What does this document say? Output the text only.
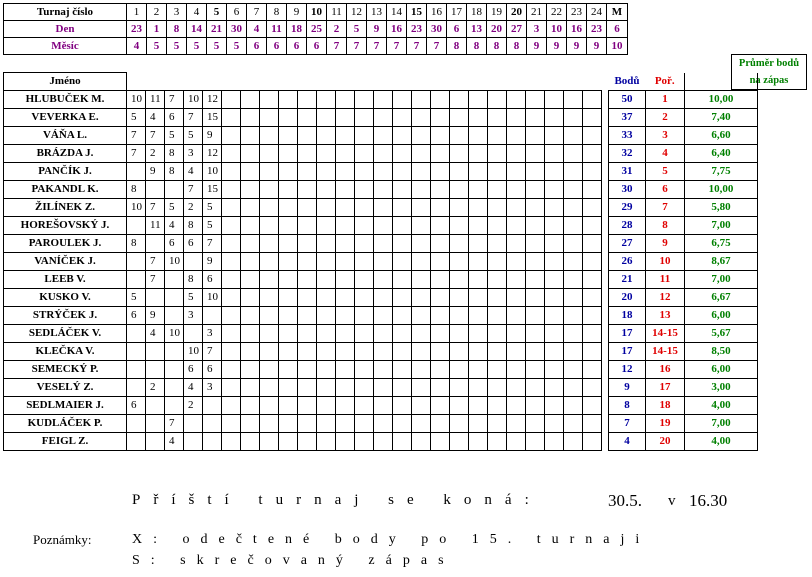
Turnaj číslo	1	2	3	4	5	6	7	8	9	10	11	12	13	14	15	16	17	18	19	20	21	22	23	24	M
Den	23	1	8	14	21	30	4	11	18	25	2	5	9	16	23	30	6	13	20	27	3	10	16	23	6
Měsíc	4	5	5	5	5	5	6	6	6	6	7	7	7	7	7	7	8	8	8	8	9	9	9	9	10
Průměr bodů
na zápas
Jméno																											Bodů	Poř.	
HLUBUČEK M.	10	11	7	10	12																						50	1	10,00
VEVERKA E.	5	4	6	7	15																						37	2	7,40
VÁŇA L.	7	7	5	5	9																						33	3	6,60
BRÁZDA J.	7	2	8	3	12																						32	4	6,40
PANČÍK J.		9	8	4	10																						31	5	7,75
PAKANDL K.	8			7	15																						30	6	10,00
ŽILÍNEK Z.	10	7	5	2	5																						29	7	5,80
HOREŠOVSKÝ J.		11	4	8	5																						28	8	7,00
PAROULEK J.	8		6	6	7																						27	9	6,75
VANÍČEK J.		7	10		9																						26	10	8,67
LEEB V.		7		8	6																						21	11	7,00
KUSKO V.	5			5	10																						20	12	6,67
STRÝČEK J.	6	9		3																							18	13	6,00
SEDLÁČEK V.		4	10		3																						17	14-15	5,67
KLEČKA V.				10	7																						17	14-15	8,50
SEMECKÝ P.				6	6																						12	16	6,00
VESELÝ Z.		2		4	3																						9	17	3,00
SEDLMAIER J.	6			2																							8	18	4,00
KUDLÁČEK P.			7																								7	19	7,00
FEIGL Z.			4																								4	20	4,00
Příští turnaj se koná:	30.5. v 16.30
Poznámky:	X: odečtené body po 15. turnaji
S: skrečovaný zápas
